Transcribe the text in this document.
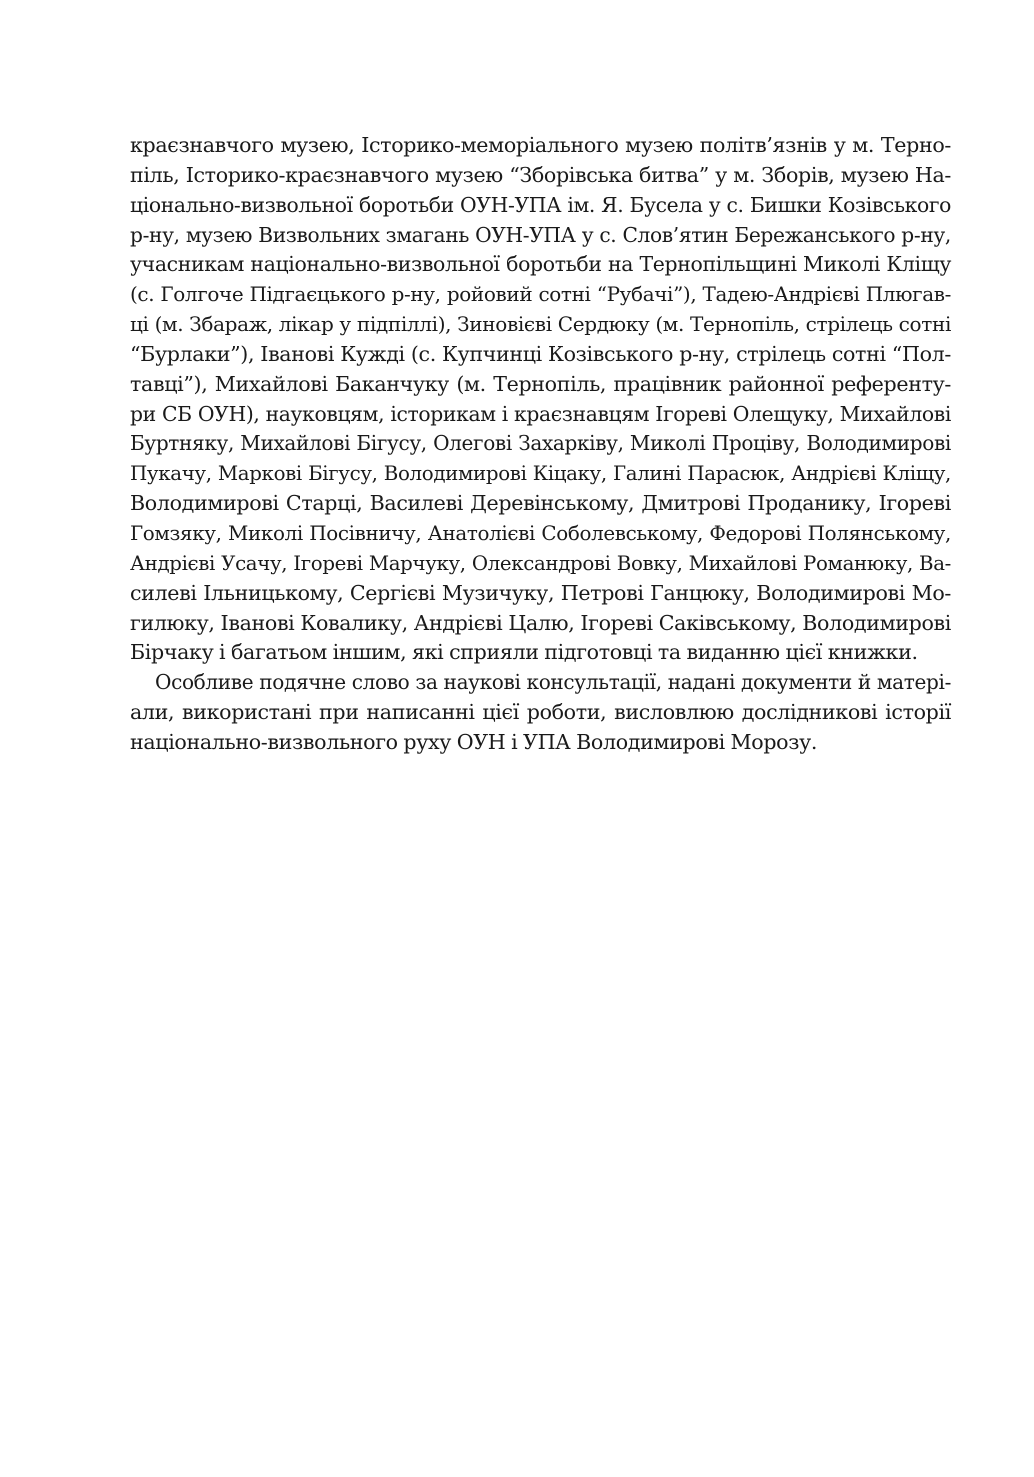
краєзнавчого музею, Історико-меморіального музею політв’язнів у м. Терно-
піль, Історико-краєзнавчого музею “Зборівська битва” у м. Зборів, музею На-
ціонально-визвольної боротьби ОУН-УПА ім. Я. Бусела у с. Бишки Козівського
р-ну, музею Визвольних змагань ОУН-УПА у с. Слов’ятин Бережанського р-ну,
учасникам національно-визвольної боротьби на Тернопільщині Миколі Кліщу
(с. Голгоче Підгаєцького р-ну, ройовий сотні “Рубачі”), Тадею-Андрієві Плюгав-
ці (м. Збараж, лікар у підпіллі), Зиновієві Сердюку (м. Тернопіль, стрілець сотні
“Бурлаки”), Іванові Кужді (с. Купчинці Козівського р-ну, стрілець сотні “Пол-
тавці”), Михайлові Баканчуку (м. Тернопіль, працівник районної референту-
ри СБ ОУН), науковцям, історикам і краєзнавцям Ігореві Олещуку, Михайлові
Буртняку, Михайлові Бігусу, Олегові Захарківу, Миколі Проціву, Володимирові
Пукачу, Маркові Бігусу, Володимирові Кіцаку, Галині Парасюк, Андрієві Кліщу,
Володимирові Старці, Василеві Деревінському, Дмитрові Проданику, Ігореві
Гомзяку, Миколі Посівничу, Анатолієві Соболевському, Федорові Полянському,
Андрієві Усачу, Ігореві Марчуку, Олександрові Вовку, Михайлові Романюку, Ва-
силеві Ільницькому, Сергієві Музичуку, Петрові Ганцюку, Володимирові Мо-
гилюку, Іванові Ковалику, Андрієві Цалю, Ігореві Саківському, Володимирові
Бірчаку і багатьом іншим, які сприяли підготовці та виданню цієї книжки.
Особливе подячне слово за наукові консультації, надані документи й матері-
али, використані при написанні цієї роботи, висловлюю дослідникові історії
національно-визвольного руху ОУН і УПА Володимирові Морозу.
